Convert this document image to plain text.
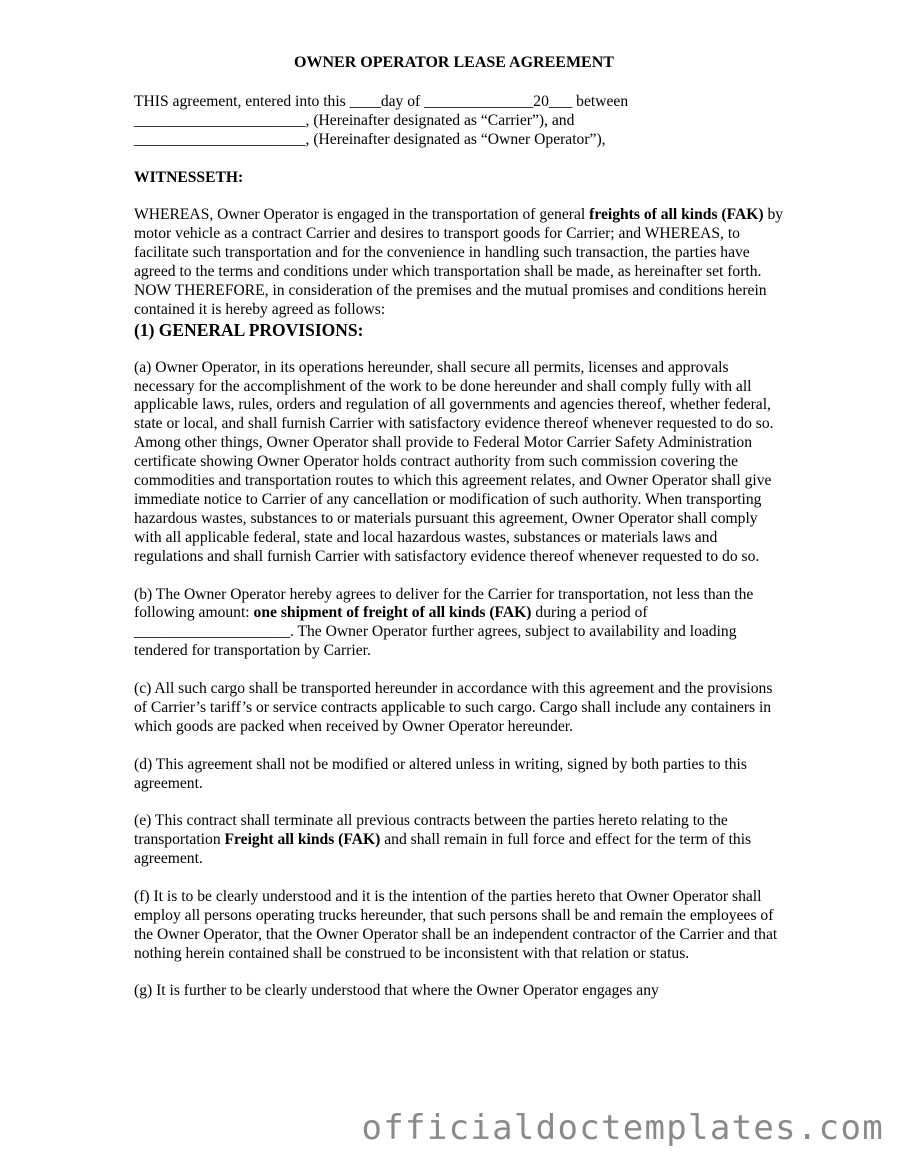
OWNER OPERATOR LEASE AGREEMENT

THIS agreement, entered into this ____day of ______________20___ between

______________________, (Hereinafter designated as “Carrier”), and

______________________, (Hereinafter designated as “Owner Operator”),

WITNESSETH:

WHEREAS, Owner Operator is engaged in the transportation of general freights of all kinds (FAK) by motor vehicle as a contract Carrier and desires to transport goods for Carrier; and WHEREAS, to facilitate such transportation and for the convenience in handling such transaction, the parties have agreed to the terms and conditions under which transportation shall be made, as hereinafter set forth.

NOW THEREFORE, in consideration of the premises and the mutual promises and conditions herein contained it is hereby agreed as follows:

(1) GENERAL PROVISIONS:

(a) Owner Operator, in its operations hereunder, shall secure all permits, licenses and approvals necessary for the accomplishment of the work to be done hereunder and shall comply fully with all applicable laws, rules, orders and regulation of all governments and agencies thereof, whether federal, state or local, and shall furnish Carrier with satisfactory evidence thereof whenever requested to do so. Among other things, Owner Operator shall provide to Federal Motor Carrier Safety Administration certificate showing Owner Operator holds contract authority from such commission covering the commodities and transportation routes to which this agreement relates, and Owner Operator shall give immediate notice to Carrier of any cancellation or modification of such authority. When transporting hazardous wastes, substances to or materials pursuant this agreement, Owner Operator shall comply with all applicable federal, state and local hazardous wastes, substances or materials laws and regulations and shall furnish Carrier with satisfactory evidence thereof whenever requested to do so.

(b) The Owner Operator hereby agrees to deliver for the Carrier for transportation, not less than the following amount: one shipment of freight of all kinds (FAK) during a period of ____________________. The Owner Operator further agrees, subject to availability and loading tendered for transportation by Carrier.

(c) All such cargo shall be transported hereunder in accordance with this agreement and the provisions of Carrier’s tariff’s or service contracts applicable to such cargo. Cargo shall include any containers in which goods are packed when received by Owner Operator hereunder.

(d) This agreement shall not be modified or altered unless in writing, signed by both parties to this agreement.

(e) This contract shall terminate all previous contracts between the parties hereto relating to the transportation Freight all kinds (FAK) and shall remain in full force and effect for the term of this agreement.

(f) It is to be clearly understood and it is the intention of the parties hereto that Owner Operator shall employ all persons operating trucks hereunder, that such persons shall be and remain the employees of the Owner Operator, that the Owner Operator shall be an independent contractor of the Carrier and that nothing herein contained shall be construed to be inconsistent with that relation or status.

(g) It is further to be clearly understood that where the Owner Operator engages any

officialdoctemplates.com
